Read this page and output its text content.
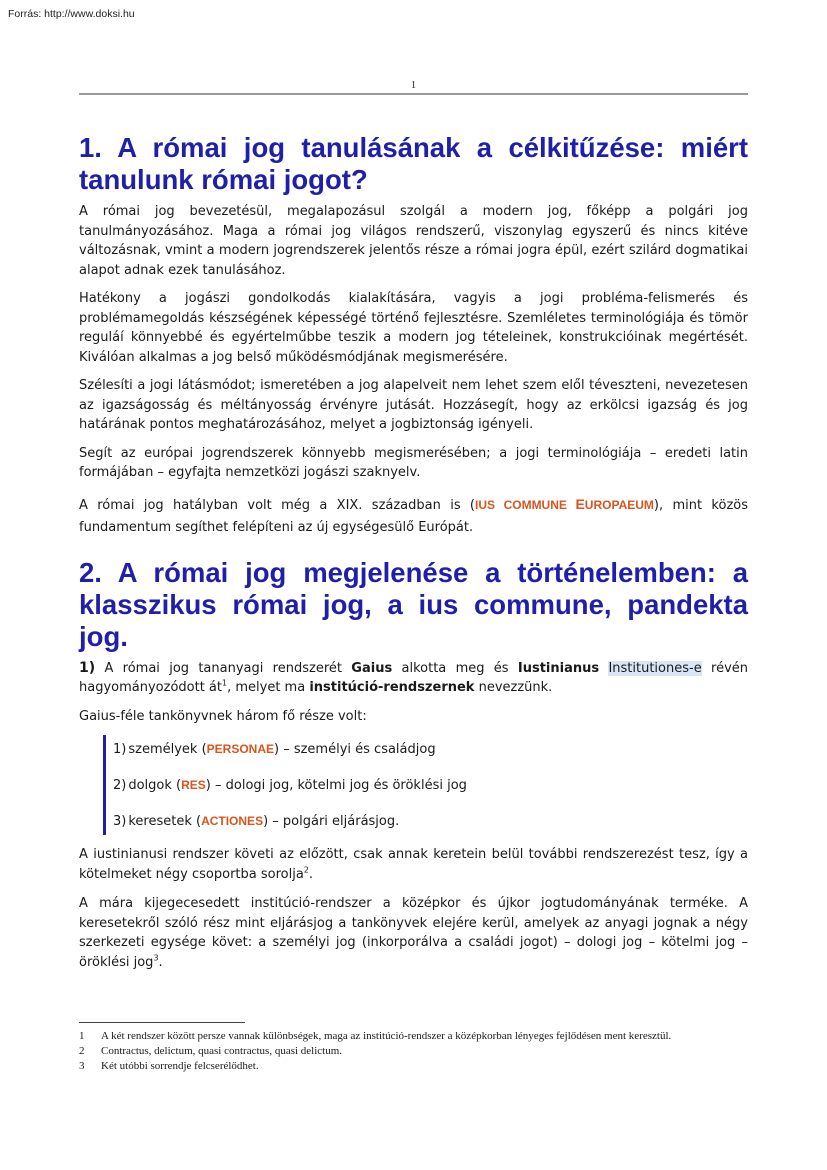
Forrás: http://www.doksi.hu
1
1. A római jog tanulásának a célkitűzése: miért tanulunk római jogot?

A római jog bevezetésül, megalapozásul szolgál a modern jog, főképp a polgári jog tanulmányozásához. Maga a római jog világos rendszerű, viszonylag egyszerű és nincs kitéve változásnak, vmint a modern jogrendszerek jelentős része a római jogra épül, ezért szilárd dogmatikai alapot adnak ezek tanulásához.

Hatékony a jogászi gondolkodás kialakítására, vagyis a jogi probléma-felismerés és problémamegoldás készségének képességé történő fejlesztésre. Szemléletes terminológiája és tömör reguláí könnyebbé és egyértelműbbe teszik a modern jog tételeinek, konstrukcióinak megértését. Kiválóan alkalmas a jog belső működésmódjának megismerésére.

Szélesíti a jogi látásmódot; ismeretében a jog alapelveit nem lehet szem elől téveszteni, nevezetesen az igazságosság és méltányosság érvényre jutását. Hozzásegít, hogy az erkölcsi igazság és jog határának pontos meghatározásához, melyet a jogbiztonság igényeli.

Segít az európai jogrendszerek könnyebb megismerésében; a jogi terminológiája – eredeti latin formájában – egyfajta nemzetközi jogászi szaknyelv.

A római jog hatályban volt még a XIX. században is (IUS COMMUNE EUROPAEUM), mint közös fundamentum segíthet felépíteni az új egységesülő Európát.

2. A római jog megjelenése a történelemben: a klasszikus római jog, a ius commune, pandekta jog.

1) A római jog tananyagi rendszerét Gaius alkotta meg és Iustinianus Institutiones-e révén hagyományozódott $át^1$, melyet ma institúció-rendszernek nevezzünk.

Gaius-féle tankönyvnek három fő része volt:

1) személyek (PERSONAE) – személyi és családjog
2) dolgok (RES) – dologi jog, kötelmi jog és öröklési jog
3) keresetek (ACTIONES) – polgári eljárásjog.

A iustinianusi rendszer követi az előzött, csak annak keretein belül további rendszerezést tesz, így a kötelmeket négy csoportba sorolja$^2$.

A mára kijegecesedett institúció-rendszer a középkor és újkor jogtudományának terméke. A keresetekről szóló rész mint eljárásjog a tankönyvek elejére kerül, amelyek az anyagi jognak a négy szerkezeti egysége követ: a személyi jog (inkorporálva a családi jogot) – dologi jog – kötelmi jog – öröklési jog$^3$.

1	A két rendszer között persze vannak különbségek, maga az institúció-rendszer a középkorban lényeges fejlődésen ment keresztül.
2	Contractus, delictum, quasi contractus, quasi delictum.
3	Két utóbbi sorrendje felcserélődhet.
